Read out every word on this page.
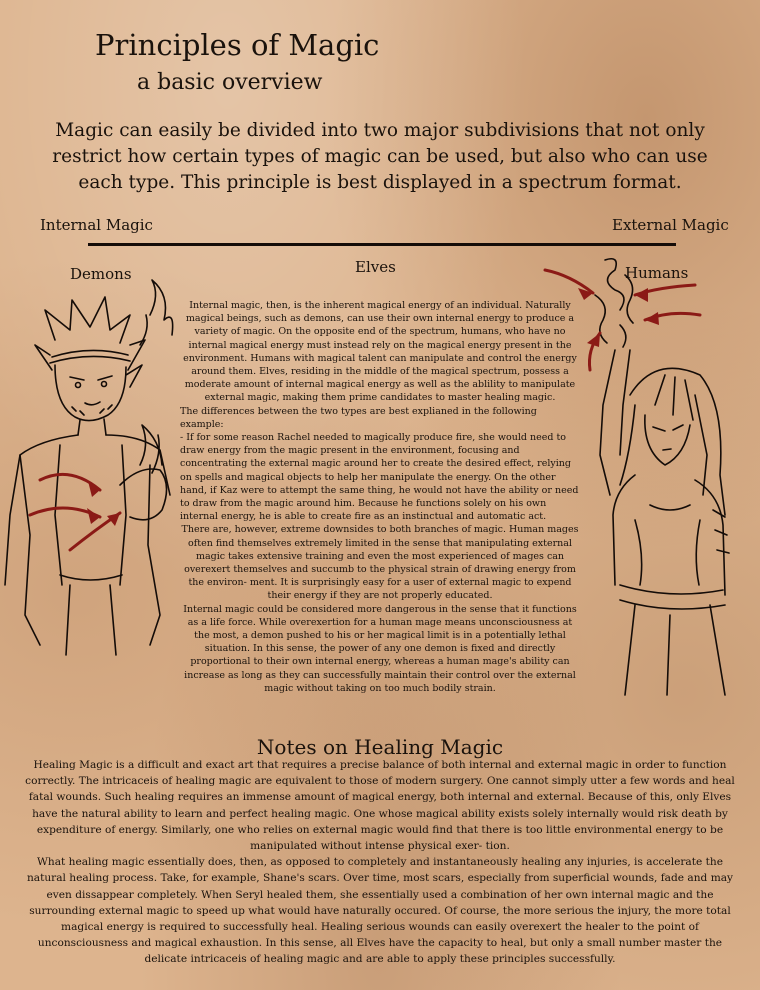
Principles of Magic
a basic overview
Magic can easily be divided into two major subdivisions that not only restrict how certain types of magic can be used, but also who can use each type. This principle is best displayed in a spectrum format.
Internal Magic	External Magic
Demons	Elves	Humans

Internal magic, then, is the inherent magical energy of an individual. Naturally magical beings, such as demons, can use their own internal energy to produce a variety of magic. On the opposite end of the spectrum, humans, who have no internal magical energy must instead rely on the magical energy present in the environment. Humans with magical talent can manipulate and control the energy around them. Elves, residing in the middle of the magical spectrum, possess a moderate amount of internal magical energy as well as the ablility to manipulate external magic, making them prime candidates to master healing magic.

The differences between the two types are best explianed in the following example:

- If for some reason Rachel needed to magically produce fire, she would need to draw energy from the magic present in the environment, focusing and concentrating the external magic around her to create the desired effect, relying on spells and magical objects to help her manipulate the energy. On the other hand, if Kaz were to attempt the same thing, he would not have the ability or need to draw from the magic around him. Because he functions solely on his own internal energy, he is able to create fire as an instinctual and automatic act.

There are, however, extreme downsides to both branches of magic. Human mages often find themselves extremely limited in the sense that manipulating external magic takes extensive training and even the most experienced of mages can overexert themselves and succumb to the physical strain of drawing energy from the environ- ment. It is surprisingly easy for a user of external magic to expend their energy if they are not properly educated.

Internal magic could be considered more dangerous in the sense that it functions as a life force. While overexertion for a human mage means unconsciousness at the most, a demon pushed to his or her magical limit is in a potentially lethal situation. In this sense, the power of any one demon is fixed and directly proportional to their own internal energy, whereas a human mage's ability can increase as long as they can successfully maintain their control over the external magic without taking on too much bodily strain.

Notes on Healing Magic

Healing Magic is a difficult and exact art that requires a precise balance of both internal and external magic in order to function correctly. The intricaceis of healing magic are equivalent to those of modern surgery. One cannot simply utter a few words and heal fatal wounds. Such healing requires an immense amount of magical energy, both internal and external. Because of this, only Elves have the natural ability to learn and perfect healing magic. One whose magical ability exists solely internally would risk death by expenditure of energy. Similarly, one who relies on external magic would find that there is too little environmental energy to be manipulated without intense physical exer- tion.

What healing magic essentially does, then, as opposed to completely and instantaneously healing any injuries, is accelerate the natural healing process. Take, for example, Shane's scars. Over time, most scars, especially from superficial wounds, fade and may even dissappear completely. When Seryl healed them, she essentially used a combination of her own internal magic and the surrounding external magic to speed up what would have naturally occured. Of course, the more serious the injury, the more total magical energy is required to successfully heal. Healing serious wounds can easily overexert the healer to the point of unconsciousness and magical exhaustion. In this sense, all Elves have the capacity to heal, but only a small number master the delicate intricaceis of healing magic and are able to apply these principles successfully.
